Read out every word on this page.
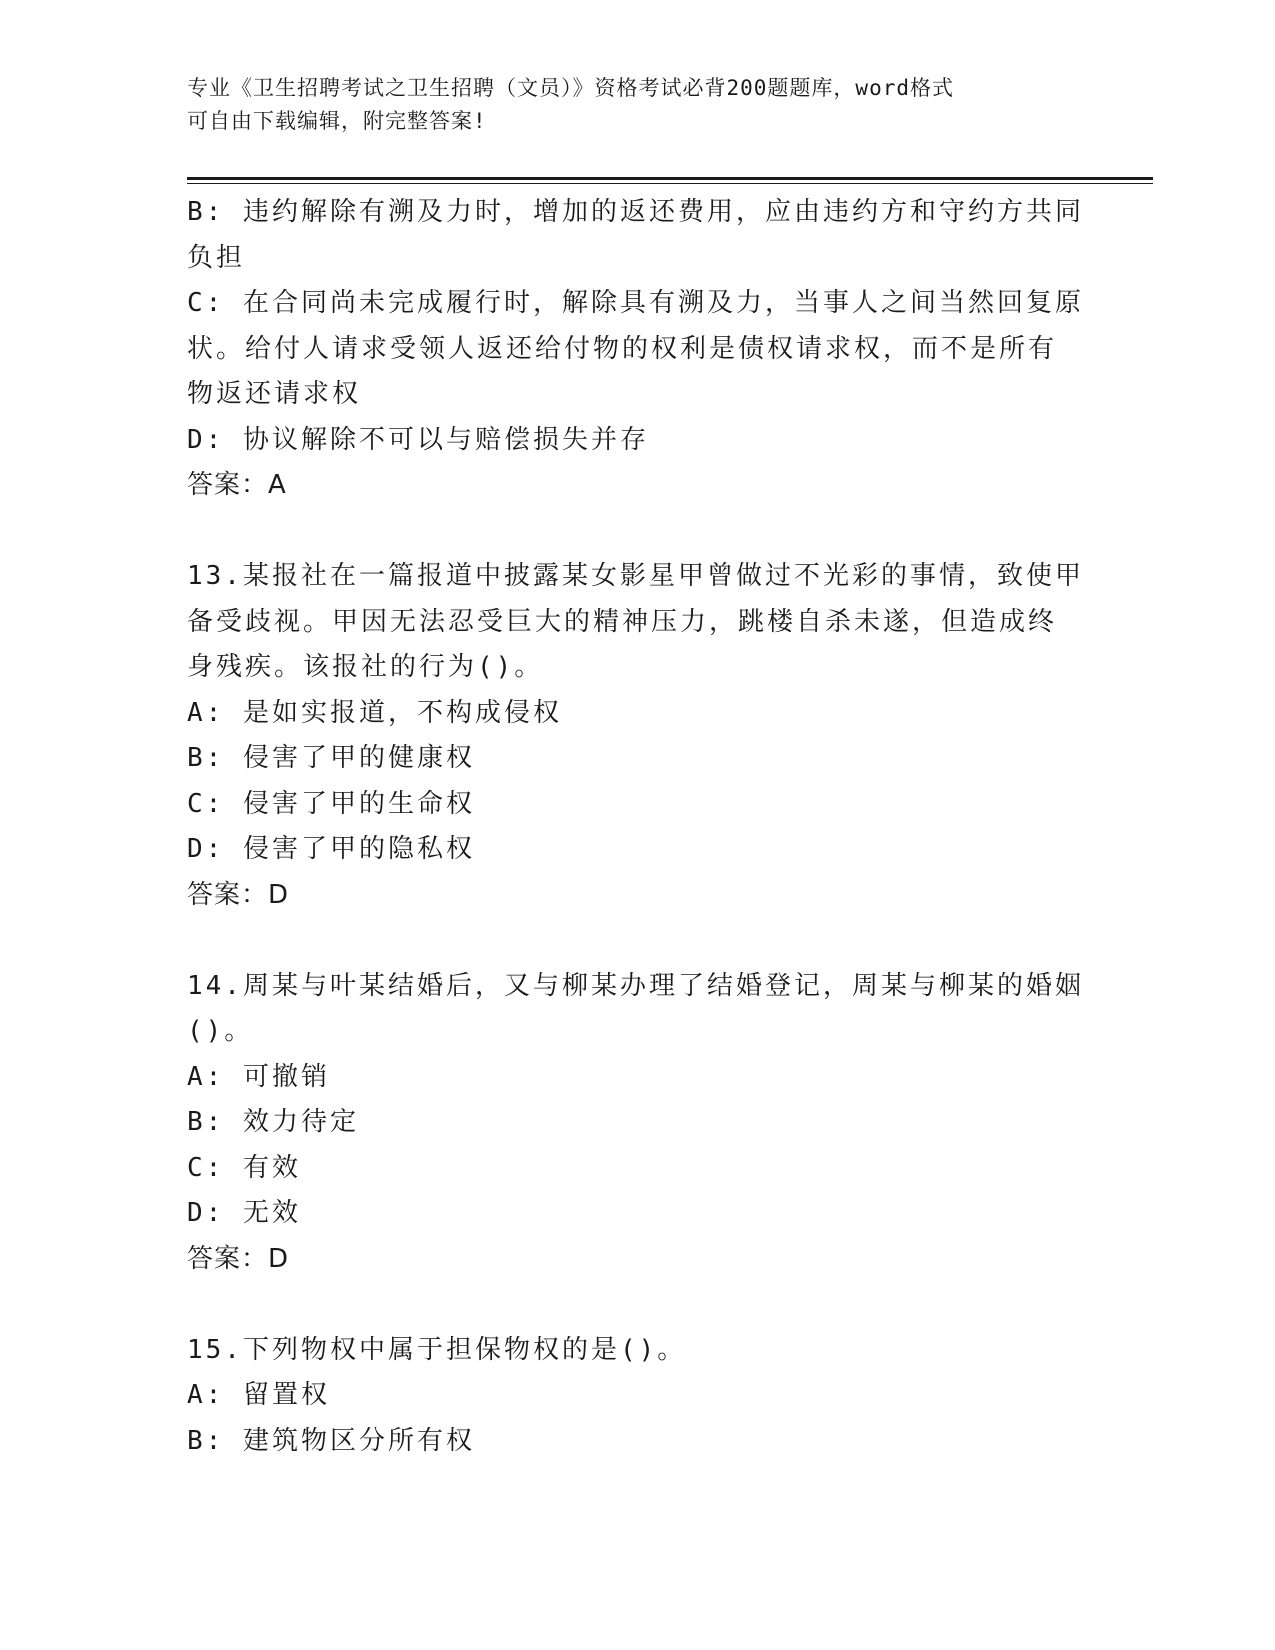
专业《卫生招聘考试之卫生招聘（文员）》资格考试必背200题题库，word格式
可自由下载编辑，附完整答案!
B: 违约解除有溯及力时，增加的返还费用，应由违约方和守约方共同
负担
C: 在合同尚未完成履行时，解除具有溯及力，当事人之间当然回复原
状。给付人请求受领人返还给付物的权利是债权请求权，而不是所有
物返还请求权
D: 协议解除不可以与赔偿损失并存
答案：A
13.某报社在一篇报道中披露某女影星甲曾做过不光彩的事情，致使甲
备受歧视。甲因无法忍受巨大的精神压力，跳楼自杀未遂，但造成终
身残疾。该报社的行为()。
A: 是如实报道，不构成侵权
B: 侵害了甲的健康权
C: 侵害了甲的生命权
D: 侵害了甲的隐私权
答案：D
14.周某与叶某结婚后，又与柳某办理了结婚登记，周某与柳某的婚姻
()。
A: 可撤销
B: 效力待定
C: 有效
D: 无效
答案：D
15.下列物权中属于担保物权的是()。
A: 留置权
B: 建筑物区分所有权
